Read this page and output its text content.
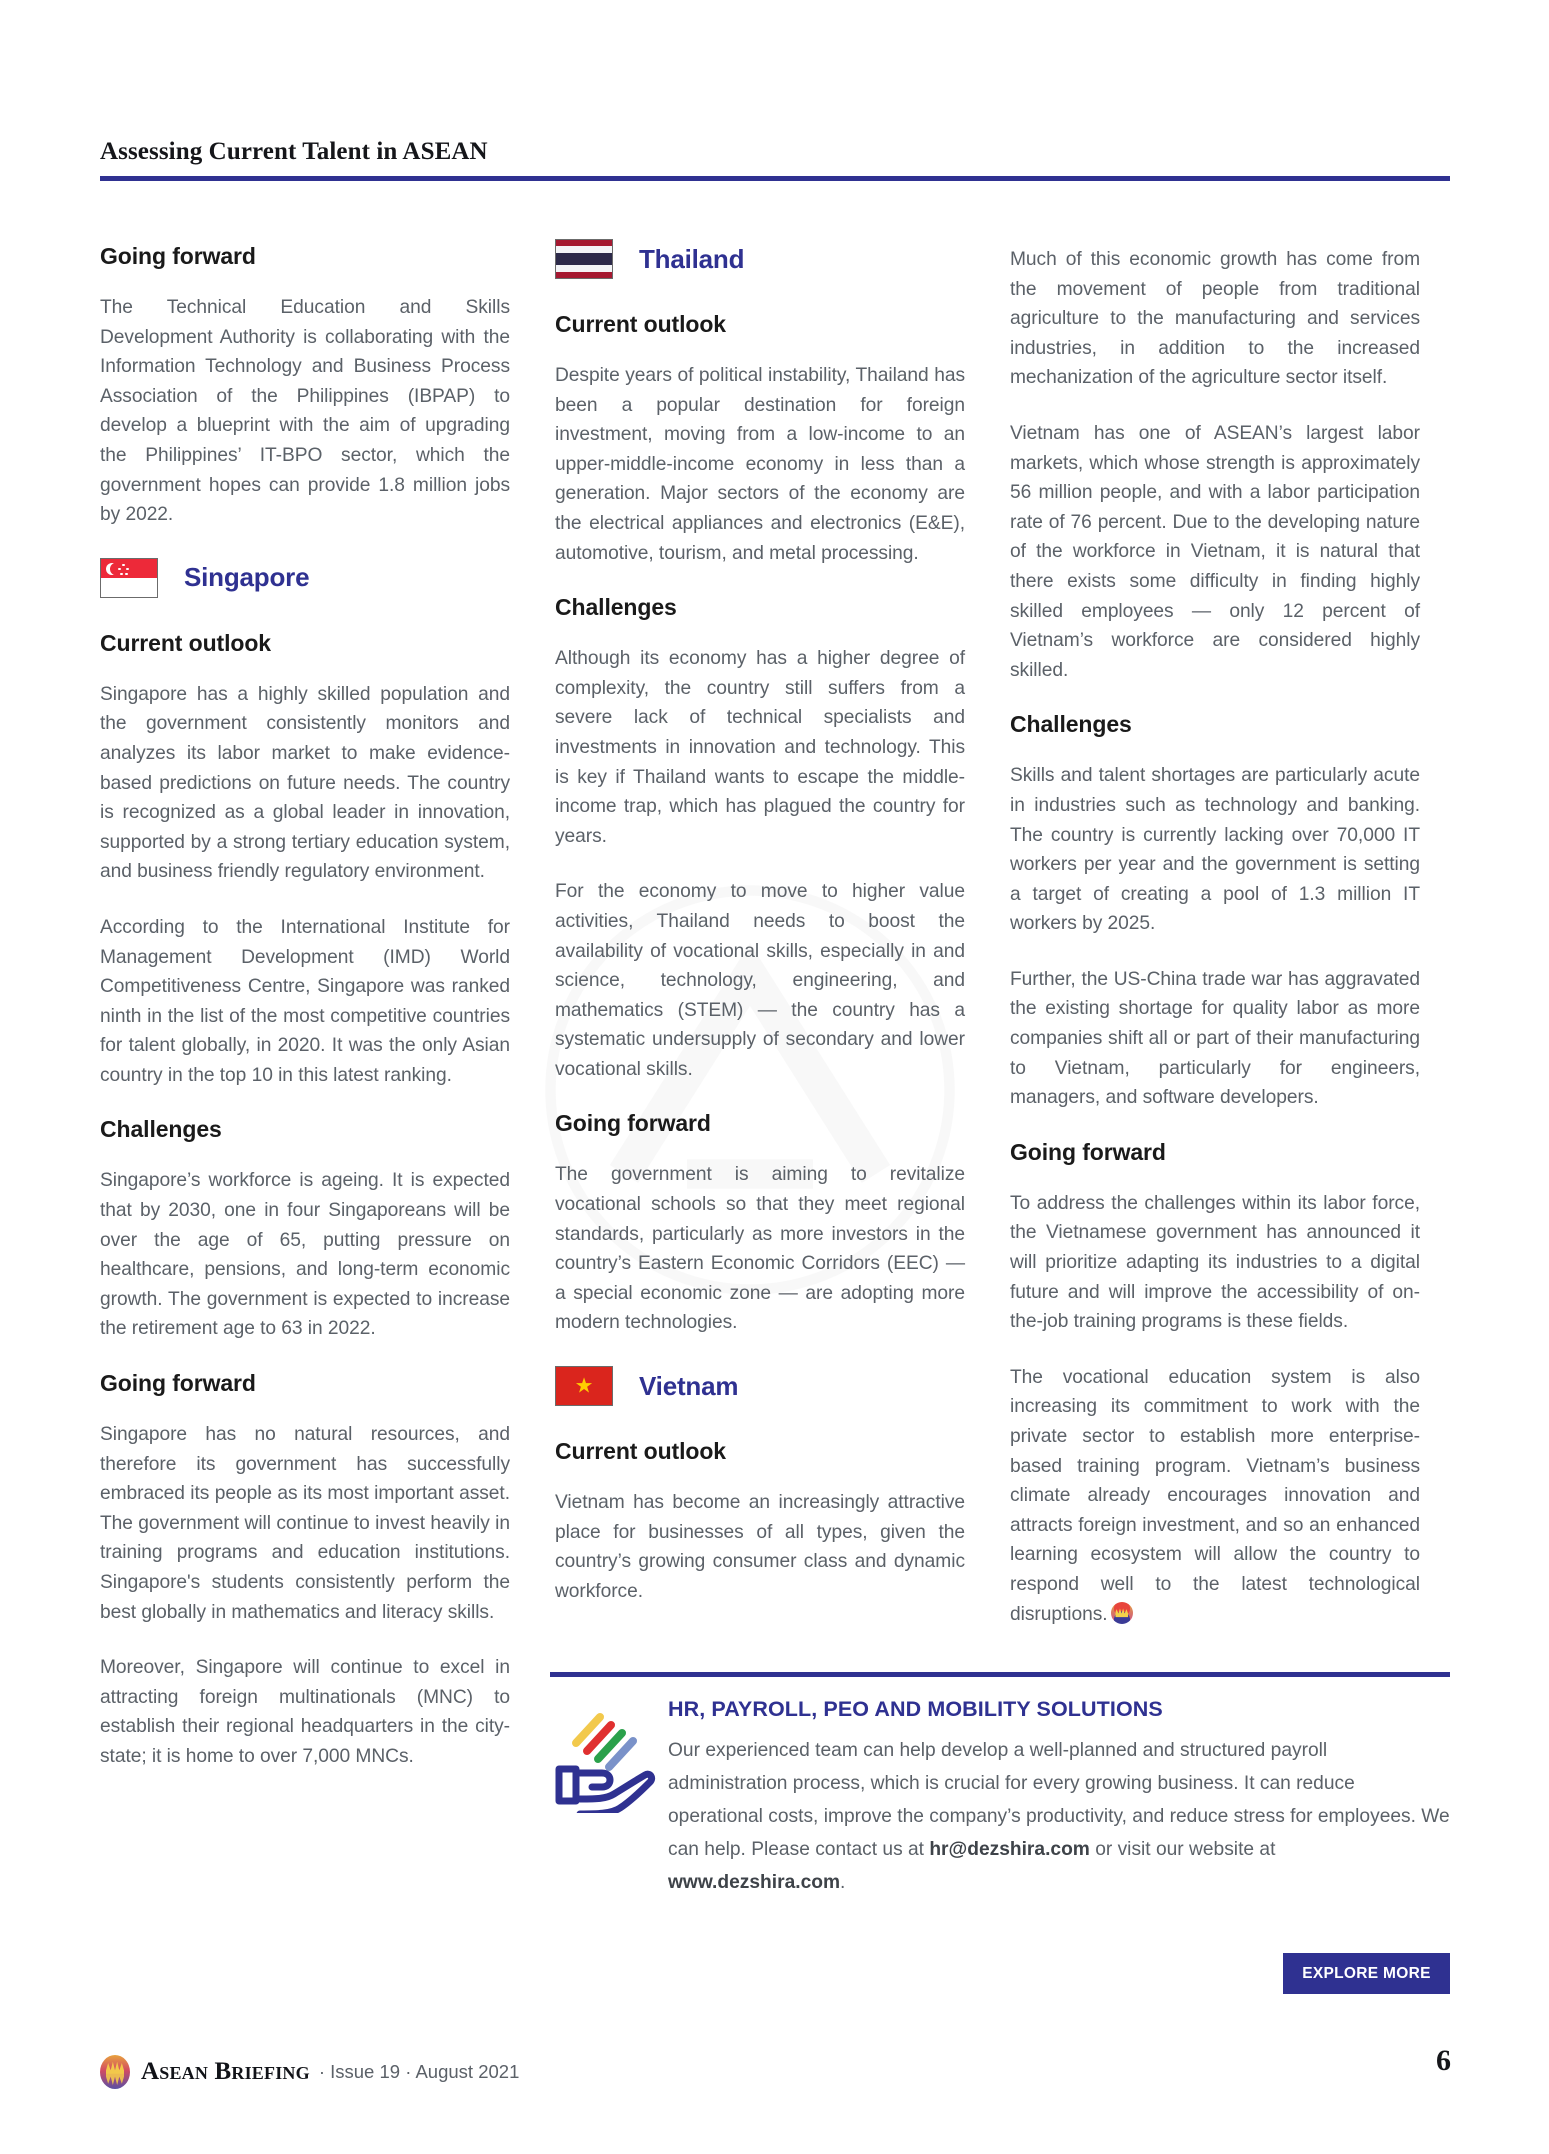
Assessing Current Talent in ASEAN
Going forward

The Technical Education and Skills Development Authority is collaborating with the Information Technology and Business Process Association of the Philippines (IBPAP) to develop a blueprint with the aim of upgrading the Philippines’ IT-BPO sector, which the government hopes can provide 1.8 million jobs by 2022.

Singapore
Current outlook

Singapore has a highly skilled population and the government consistently monitors and analyzes its labor market to make evidence-based predictions on future needs. The country is recognized as a global leader in innovation, supported by a strong tertiary education system, and business friendly regulatory environment.

According to the International Institute for Management Development (IMD) World Competitiveness Centre, Singapore was ranked ninth in the list of the most competitive countries for talent globally, in 2020. It was the only Asian country in the top 10 in this latest ranking.

Challenges

Singapore’s workforce is ageing. It is expected that by 2030, one in four Singaporeans will be over the age of 65, putting pressure on healthcare, pensions, and long-term economic growth. The government is expected to increase the retirement age to 63 in 2022.

Going forward

Singapore has no natural resources, and therefore its government has successfully embraced its people as its most important asset. The government will continue to invest heavily in training programs and education institutions. Singapore's students consistently perform the best globally in mathematics and literacy skills.

Moreover, Singapore will continue to excel in attracting foreign multinationals (MNC) to establish their regional headquarters in the city-state; it is home to over 7,000 MNCs.

Thailand
Current outlook

Despite years of political instability, Thailand has been a popular destination for foreign investment, moving from a low-income to an upper-middle-income economy in less than a generation. Major sectors of the economy are the electrical appliances and electronics (E&E), automotive, tourism, and metal processing.

Challenges

Although its economy has a higher degree of complexity, the country still suffers from a severe lack of technical specialists and investments in innovation and technology. This is key if Thailand wants to escape the middle-income trap, which has plagued the country for years.

For the economy to move to higher value activities, Thailand needs to boost the availability of vocational skills, especially in and science, technology, engineering, and mathematics (STEM) — the country has a systematic undersupply of secondary and lower vocational skills.

Going forward

The government is aiming to revitalize vocational schools so that they meet regional standards, particularly as more investors in the country’s Eastern Economic Corridors (EEC) — a special economic zone — are adopting more modern technologies.

★ Vietnam
Current outlook

Vietnam has become an increasingly attractive place for businesses of all types, given the country’s growing consumer class and dynamic workforce.

Much of this economic growth has come from the movement of people from traditional agriculture to the manufacturing and services industries, in addition to the increased mechanization of the agriculture sector itself.

Vietnam has one of ASEAN’s largest labor markets, which whose strength is approximately 56 million people, and with a labor participation rate of 76 percent. Due to the developing nature of the workforce in Vietnam, it is natural that there exists some difficulty in finding highly skilled employees — only 12 percent of Vietnam’s workforce are considered highly skilled.

Challenges

Skills and talent shortages are particularly acute in industries such as technology and banking. The country is currently lacking over 70,000 IT workers per year and the government is setting a target of creating a pool of 1.3 million IT workers by 2025.

Further, the US-China trade war has aggravated the existing shortage for quality labor as more companies shift all or part of their manufacturing to Vietnam, particularly for engineers, managers, and software developers.

Going forward

To address the challenges within its labor force, the Vietnamese government has announced it will prioritize adapting its industries to a digital future and will improve the accessibility of on-the-job training programs is these fields.

The vocational education system is also increasing its commitment to work with the private sector to establish more enterprise-based training program. Vietnam’s business climate already encourages innovation and attracts foreign investment, and so an enhanced learning ecosystem will allow the country to respond well to the latest technological disruptions.

HR, PAYROLL, PEO AND MOBILITY SOLUTIONS

Our experienced team can help develop a well-planned and structured payroll administration process, which is crucial for every growing business. It can reduce operational costs, improve the company’s productivity, and reduce stress for employees. We can help. Please contact us at hr@dezshira.com or visit our website at www.dezshira.com.

EXPLORE MORE
Asean Briefing · Issue 19 · August 2021	6
